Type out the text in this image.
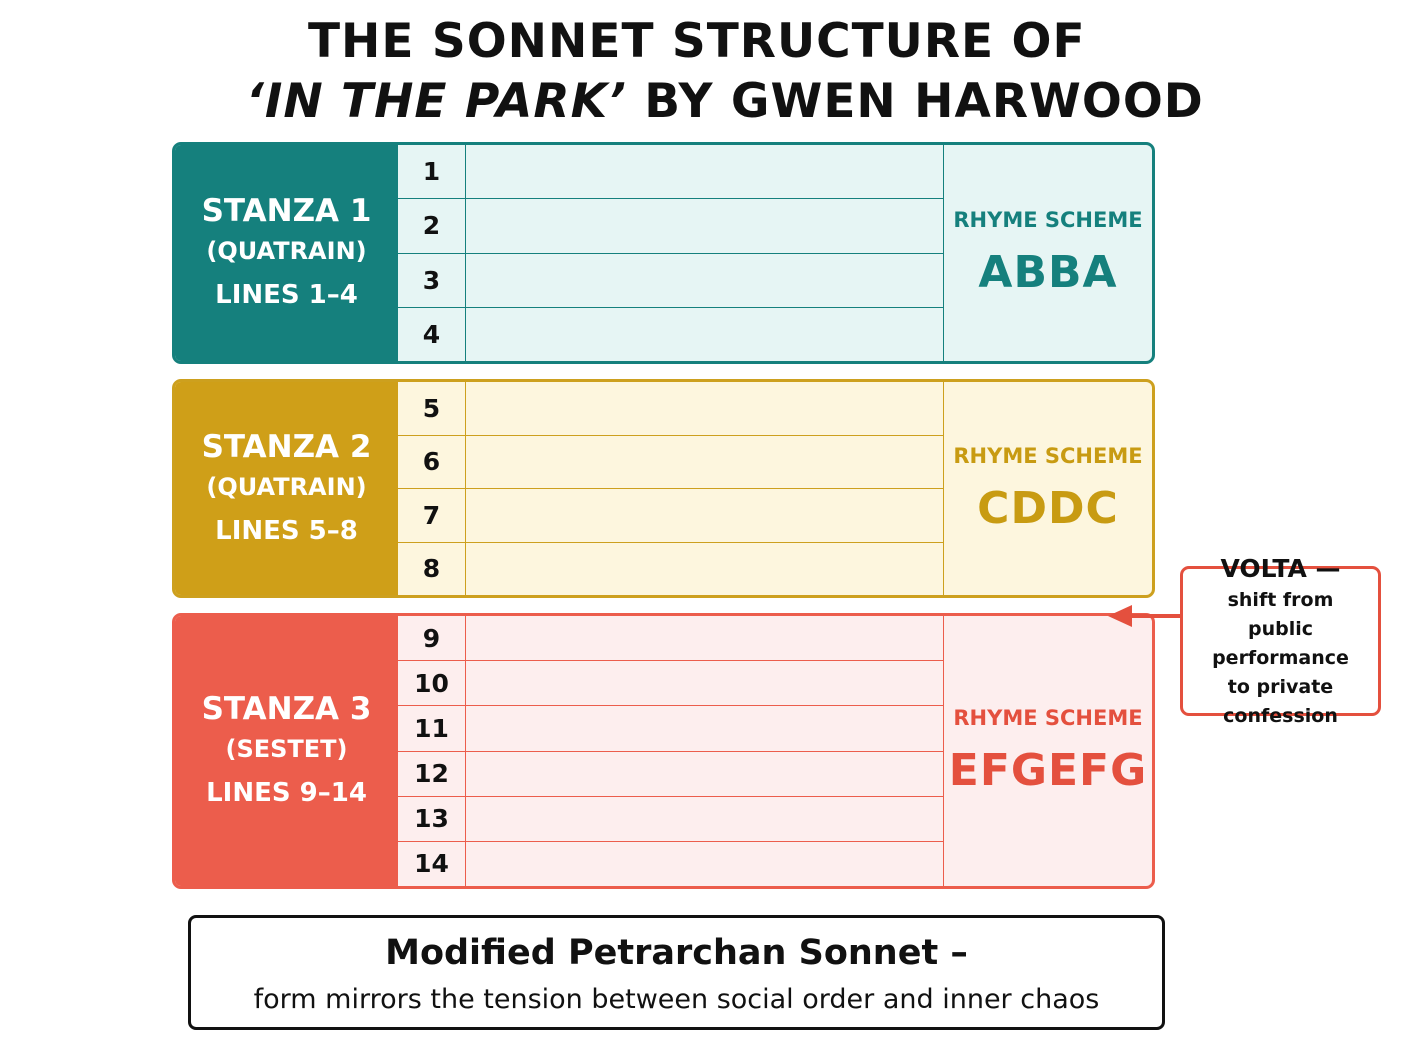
THE SONNET STRUCTURE OF
‘IN THE PARK’ BY GWEN HARWOOD
STANZA 1
(QUATRAIN)
LINES 1–4
1
2
3
4
RHYME SCHEME
ABBA
STANZA 2
(QUATRAIN)
LINES 5–8
5
6
7
8
RHYME SCHEME
CDDC
STANZA 3
(SESTET)
LINES 9–14
9
10
11
12
13
14
RHYME SCHEME
EFGEFG
VOLTA —
shift from
public performance
to private confession
Modified Petrarchan Sonnet –
form mirrors the tension between social order and inner chaos
